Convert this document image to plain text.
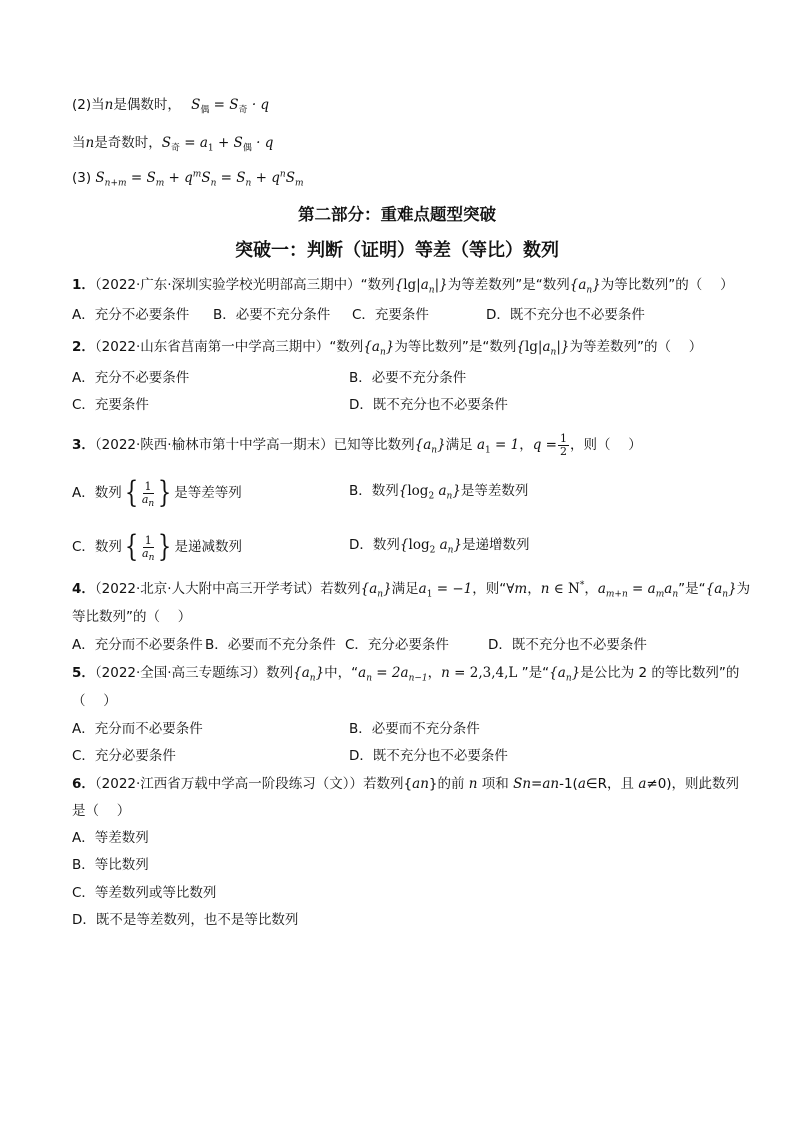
(2)当n是偶数时， $S_偶 = S_奇 \cdot q$
当n是奇数时，$S_奇 = a_1 + S_偶 \cdot q$
(3) $S_{n+m} = S_m + q^mS_n = S_n + q^nS_m$
第二部分：重难点题型突破
突破一：判断（证明）等差（等比）数列
1．（2022·广东·深圳实验学校光明部高三期中）“数列$\{\lg|a_n|\}$为等差数列”是“数列$\{a_n\}$为等比数列”的（　 ）
A．充分不必要条件 B．必要不充分条件 C．充要条件	D．既不充分也不必要条件
2．（2022·山东省莒南第一中学高三期中）“数列$\{a_n\}$为等比数列”是“数列$\{\lg|a_n|\}$为等差数列”的（　 ）
A．充分不必要条件	B．必要不充分条件
C．充要条件	D．既不充分也不必要条件
3．（2022·陕西·榆林市第十中学高一期末）已知等比数列$\{a_n\}$满足 $a_1 = 1$，$q = \frac{1}{2}$ ，则（　 ）
A．数列{ $\frac{1}{a_n}$ } 是等差等列	B．数列{$\log_2$ $a_n$}是等差数列
C．数列{ $\frac{1}{a_n}$ } 是递减数列	D．数列{$\log_2$ $a_n$}是递增数列
4．（2022·北京·人大附中高三开学考试）若数列$\{a_n\}$满足$a_1 = -1$，则“∀m，n ∈ N*，$a_{m+n} = a_ma_n$”是“$\{a_n\}$为
等比数列”的（　 ）
A．充分而不必要条件 B．必要而不充分条件 C．充分必要条件	D．既不充分也不必要条件
5．（2022·全国·高三专题练习）数列$\{a_n\}$中，“$a_n = 2a_{n-1}$，n = 2,3,4,L ”是“$\{a_n\}$是公比为 2 的等比数列”的
（　 ）
A．充分而不必要条件	B．必要而不充分条件
C．充分必要条件	D．既不充分也不必要条件
6．（2022·江西省万载中学高一阶段练习（文））若数列{an}的前 n 项和 Sn=an-1(a∈R，且 a≠0)，则此数列
是（　 ）
A．等差数列
B．等比数列
C．等差数列或等比数列
D．既不是等差数列，也不是等比数列
